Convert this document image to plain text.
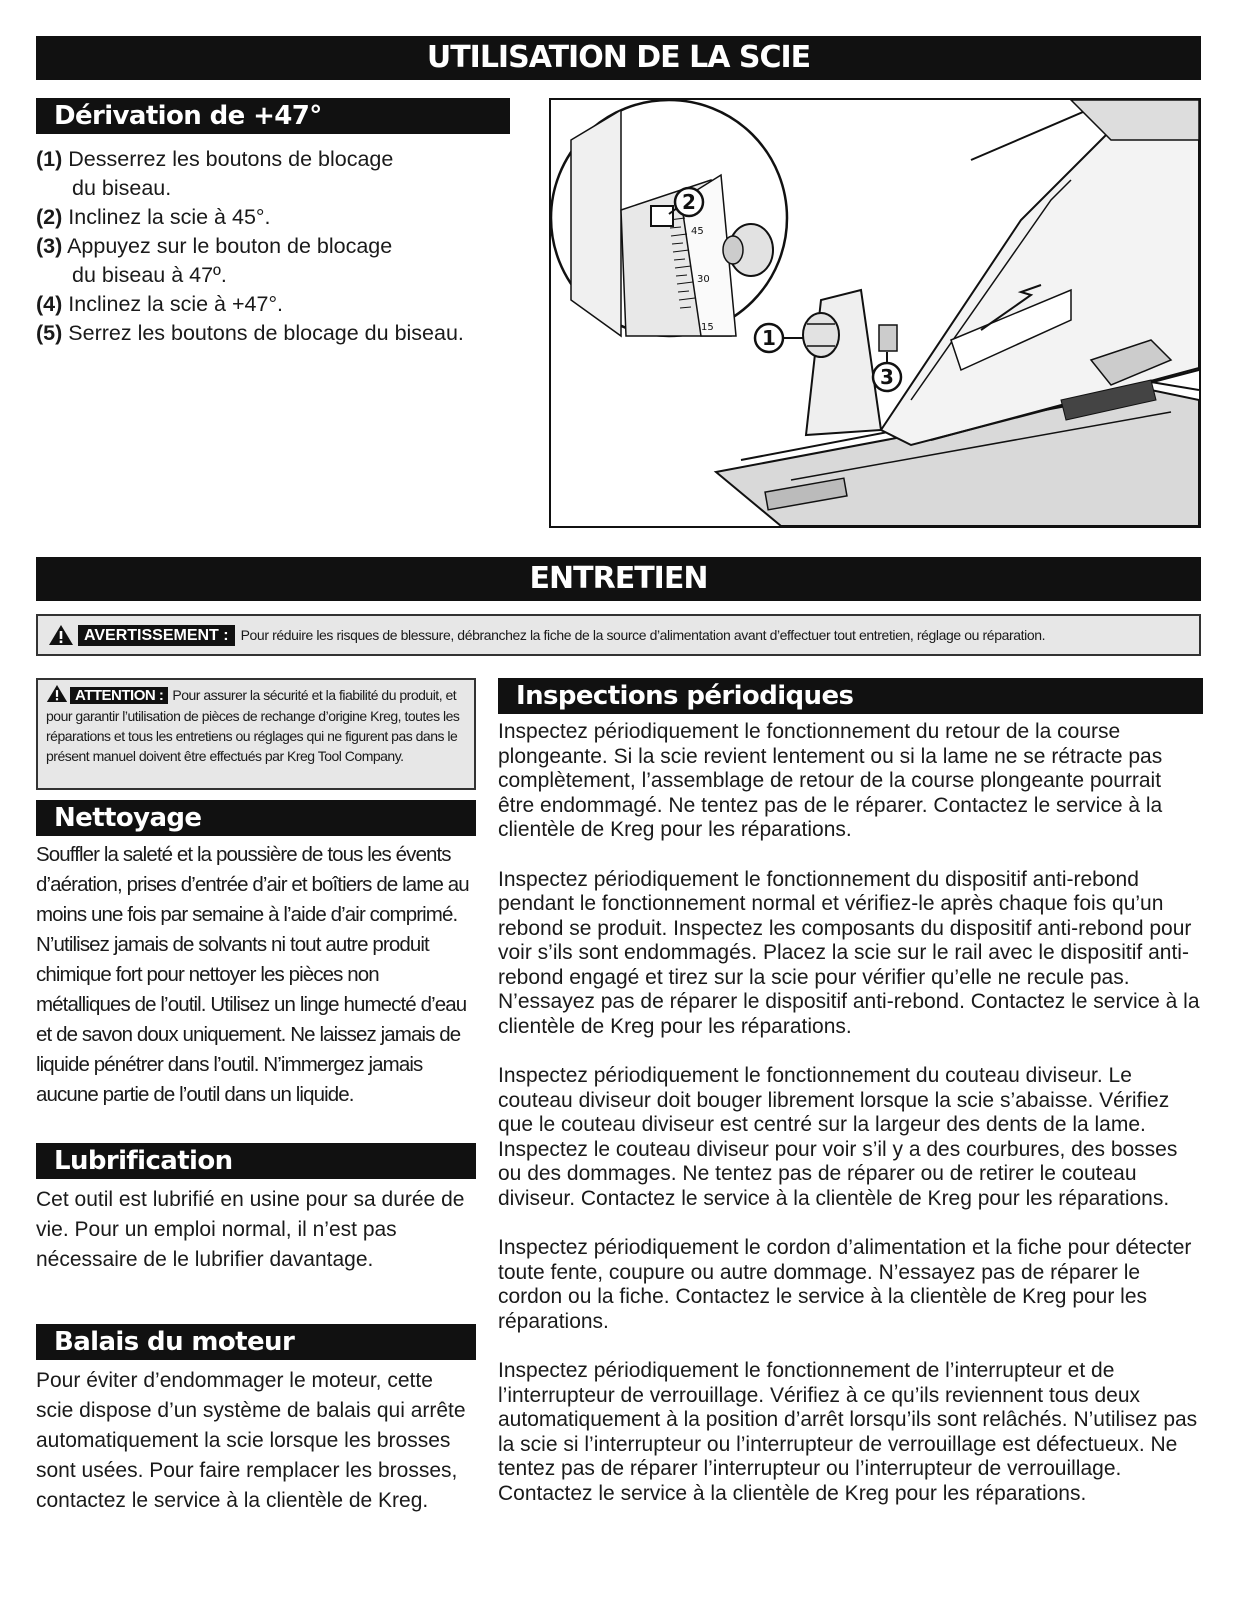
UTILISATION DE LA SCIE
Dérivation de +47°
(1) Desserrez les boutons de blocage
du biseau.
(2) Inclinez la scie à 45°.
(3) Appuyez sur le bouton de blocage
du biseau à 47º.
(4) Inclinez la scie à +47°.
(5) Serrez les boutons de blocage du biseau.
45
30
15
2
1
3
ENTRETIEN
AVERTISSEMENT : Pour réduire les risques de blessure, débranchez la fiche de la source d’alimentation avant d’effectuer tout entretien, réglage ou réparation.
ATTENTION : Pour assurer la sécurité et la fiabilité du produit, et pour garantir l’utilisation de pièces de rechange d’origine Kreg, toutes les réparations et tous les entretiens ou réglages qui ne figurent pas dans le présent manuel doivent être effectués par Kreg Tool Company.
Nettoyage
Souffler la saleté et la poussière de tous les évents d’aération, prises d’entrée d’air et boîtiers de lame au moins une fois par semaine à l’aide d’air comprimé. N’utilisez jamais de solvants ni tout autre produit chimique fort pour nettoyer les pièces non métalliques de l’outil. Utilisez un linge humecté d’eau et de savon doux uniquement. Ne laissez jamais de liquide pénétrer dans l’outil. N’immergez jamais aucune partie de l’outil dans un liquide.
Lubrification
Cet outil est lubrifié en usine pour sa durée de vie. Pour un emploi normal, il n’est pas nécessaire de le lubrifier davantage.
Balais du moteur
Pour éviter d’endommager le moteur, cette scie dispose d’un système de balais qui arrête automatiquement la scie lorsque les brosses sont usées. Pour faire remplacer les brosses, contactez le service à la clientèle de Kreg.
Inspections périodiques

Inspectez périodiquement le fonctionnement du retour de la course plongeante. Si la scie revient lentement ou si la lame ne se rétracte pas complètement, l’assemblage de retour de la course plongeante pourrait être endommagé. Ne tentez pas de le réparer. Contactez le service à la clientèle de Kreg pour les réparations.

Inspectez périodiquement le fonctionnement du dispositif anti-rebond pendant le fonctionnement normal et vérifiez-le après chaque fois qu’un rebond se produit. Inspectez les composants du dispositif anti-rebond pour voir s’ils sont endommagés. Placez la scie sur le rail avec le dispositif anti-rebond engagé et tirez sur la scie pour vérifier qu’elle ne recule pas. N’essayez pas de réparer le dispositif anti-rebond. Contactez le service à la clientèle de Kreg pour les réparations.

Inspectez périodiquement le fonctionnement du couteau diviseur. Le couteau diviseur doit bouger librement lorsque la scie s’abaisse. Vérifiez que le couteau diviseur est centré sur la largeur des dents de la lame. Inspectez le couteau diviseur pour voir s’il y a des courbures, des bosses ou des dommages. Ne tentez pas de réparer ou de retirer le couteau diviseur. Contactez le service à la clientèle de Kreg pour les réparations.

Inspectez périodiquement le cordon d’alimentation et la fiche pour détecter toute fente, coupure ou autre dommage. N’essayez pas de réparer le cordon ou la fiche. Contactez le service à la clientèle de Kreg pour les réparations.

Inspectez périodiquement le fonctionnement de l’interrupteur et de l’interrupteur de verrouillage. Vérifiez à ce qu’ils reviennent tous deux automatiquement à la position d’arrêt lorsqu’ils sont relâchés. N’utilisez pas la scie si l’interrupteur ou l’interrupteur de verrouillage est défectueux. Ne tentez pas de réparer l’interrupteur ou l’interrupteur de verrouillage. Contactez le service à la clientèle de Kreg pour les réparations.
